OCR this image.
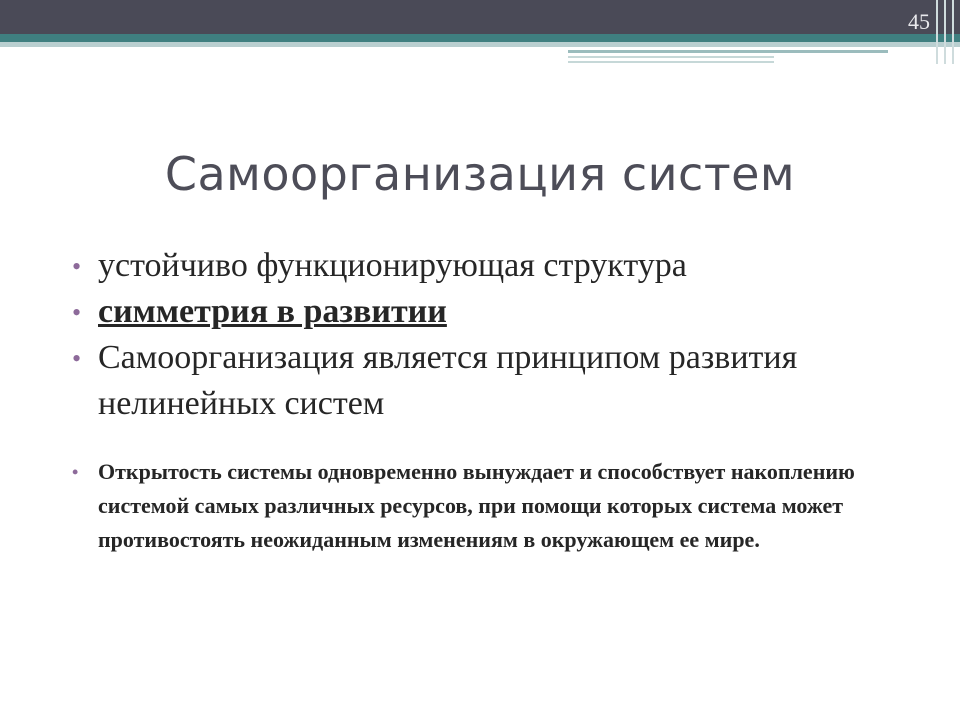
45
Самоорганизация систем
• устойчиво функционирующая структура
• симметрия в развитии
• Самоорганизация является принципом развития нелинейных систем
• Открытость системы одновременно вынуждает и способствует накоплению системой самых различных ресурсов, при помощи которых система может противостоять неожиданным изменениям в окружающем ее мире.
